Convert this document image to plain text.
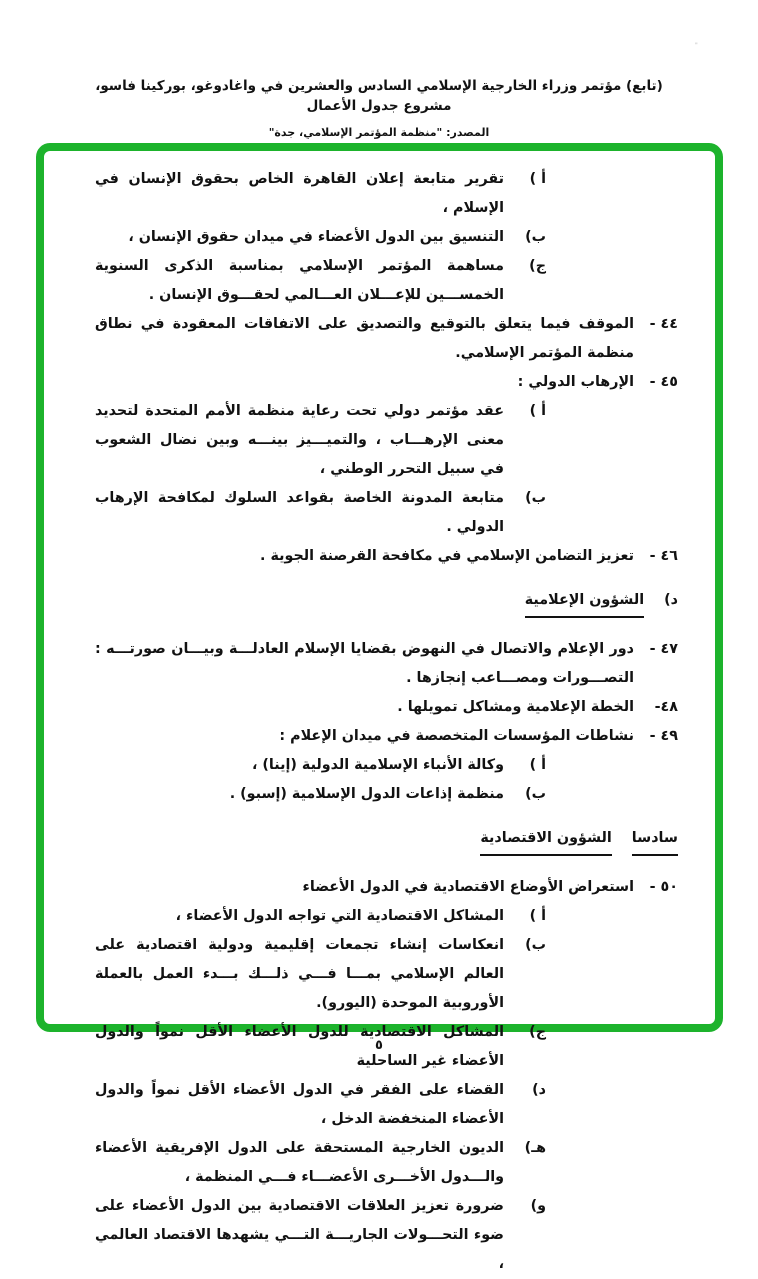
(تابع) مؤتمر وزراء الخارجية الإسلامي السادس والعشرين في واغادوغو، بوركينا فاسو، مشروع جدول الأعمال
المصدر: "منظمة المؤتمر الإسلامي، جدة"
"
أ )
تقرير متابعة إعلان القاهرة الخاص بحقوق الإنسان في الإسلام ،
ب)
التنسيق بين الدول الأعضاء في ميدان حقوق الإنسان ،
ج)
مساهمة المؤتمر الإسلامي بمناسبة الذكرى السنوية الخمســـين للإعـــلان العـــالمي لحقـــوق الإنسان .
٤٤ -
الموقف فيما يتعلق بالتوقيع والتصديق على الاتفاقات المعقودة في نطاق منظمة المؤتمر الإسلامي.
٤٥ -
الإرهاب الدولي :
أ )
عقد مؤتمر دولي تحت رعاية منظمة الأمم المتحدة لتحديد معنى الإرهـــاب ، والتميـــيز بينـــه وبين نضال الشعوب في سبيل التحرر الوطني ،
ب)
متابعة المدونة الخاصة بقواعد السلوك لمكافحة الإرهاب الدولي .
٤٦ -
تعزيز التضامن الإسلامي في مكافحة القرصنة الجوية .
د)
الشؤون الإعلامية
٤٧ -
دور الإعلام والاتصال في النهوض بقضايا الإسلام العادلـــة وبيـــان صورتـــه : التصـــورات ومصـــاعب إنجازها .
٤٨-
الخطة الإعلامية ومشاكل تمويلها .
٤٩ -
نشاطات المؤسسات المتخصصة في ميدان الإعلام :
أ )
وكالة الأنباء الإسلامية الدولية (إينا) ،
ب)
منظمة إذاعات الدول الإسلامية (إسبو) .
سادسا
الشؤون الاقتصادية
٥٠ -
استعراض الأوضاع الاقتصادية في الدول الأعضاء
أ )
المشاكل الاقتصادية التي تواجه الدول الأعضاء ،
ب)
انعكاسات إنشاء تجمعات إقليمية ودولية اقتصادية على العالم الإسلامي بمـــا فـــي ذلـــك بـــدء العمل بالعملة الأوروبية الموحدة (اليورو).
ج)
المشاكل الاقتصادية للدول الأعضاء الأقل نمواً والدول الأعضاء غير الساحلية
د)
القضاء على الفقر في الدول الأعضاء الأقل نمواً والدول الأعضاء المنخفضة الدخل ،
هـ)
الديون الخارجية المستحقة على الدول الإفريقية الأعضاء والـــدول الأخـــرى الأعضـــاء فـــي المنظمة ،
و)
ضرورة تعزيز العلاقات الاقتصادية بين الدول الأعضاء على ضوء التحـــولات الجاريـــة التـــي يشهدها الاقتصاد العالمي ،
٥
